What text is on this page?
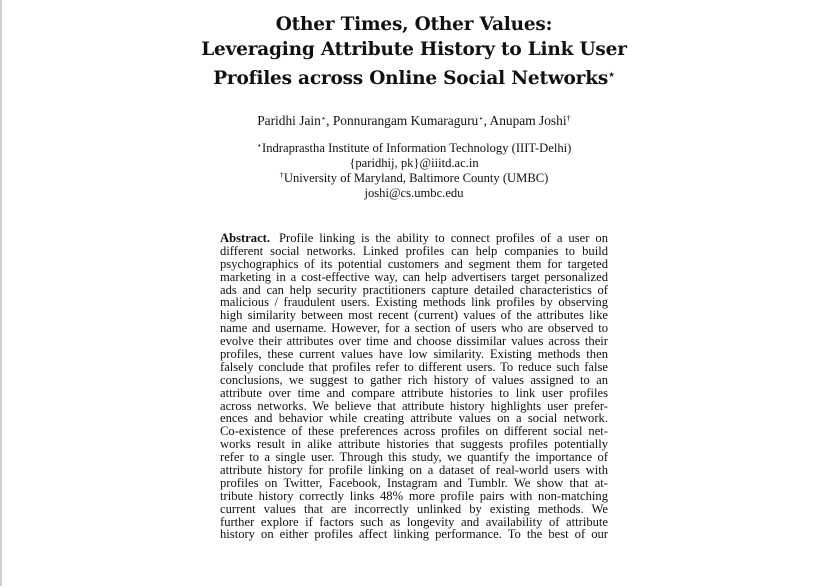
Other Times, Other Values:
Leveraging Attribute History to Link User
Profiles across Online Social Networks⋆
Paridhi Jain⋆, Ponnurangam Kumaraguru⋆, Anupam Joshi†
⋆Indraprastha Institute of Information Technology (IIIT-Delhi)
{paridhij, pk}@iiitd.ac.in
†University of Maryland, Baltimore County (UMBC)
joshi@cs.umbc.edu
Abstract. Profile linking is the ability to connect profiles of a user on
different social networks. Linked profiles can help companies to build
psychographics of its potential customers and segment them for targeted
marketing in a cost-effective way, can help advertisers target personalized
ads and can help security practitioners capture detailed characteristics of
malicious / fraudulent users. Existing methods link profiles by observing
high similarity between most recent (current) values of the attributes like
name and username. However, for a section of users who are observed to
evolve their attributes over time and choose dissimilar values across their
profiles, these current values have low similarity. Existing methods then
falsely conclude that profiles refer to different users. To reduce such false
conclusions, we suggest to gather rich history of values assigned to an
attribute over time and compare attribute histories to link user profiles
across networks. We believe that attribute history highlights user prefer-
ences and behavior while creating attribute values on a social network.
Co-existence of these preferences across profiles on different social net-
works result in alike attribute histories that suggests profiles potentially
refer to a single user. Through this study, we quantify the importance of
attribute history for profile linking on a dataset of real-world users with
profiles on Twitter, Facebook, Instagram and Tumblr. We show that at-
tribute history correctly links 48% more profile pairs with non-matching
current values that are incorrectly unlinked by existing methods. We
further explore if factors such as longevity and availability of attribute
history on either profiles affect linking performance. To the best of our
